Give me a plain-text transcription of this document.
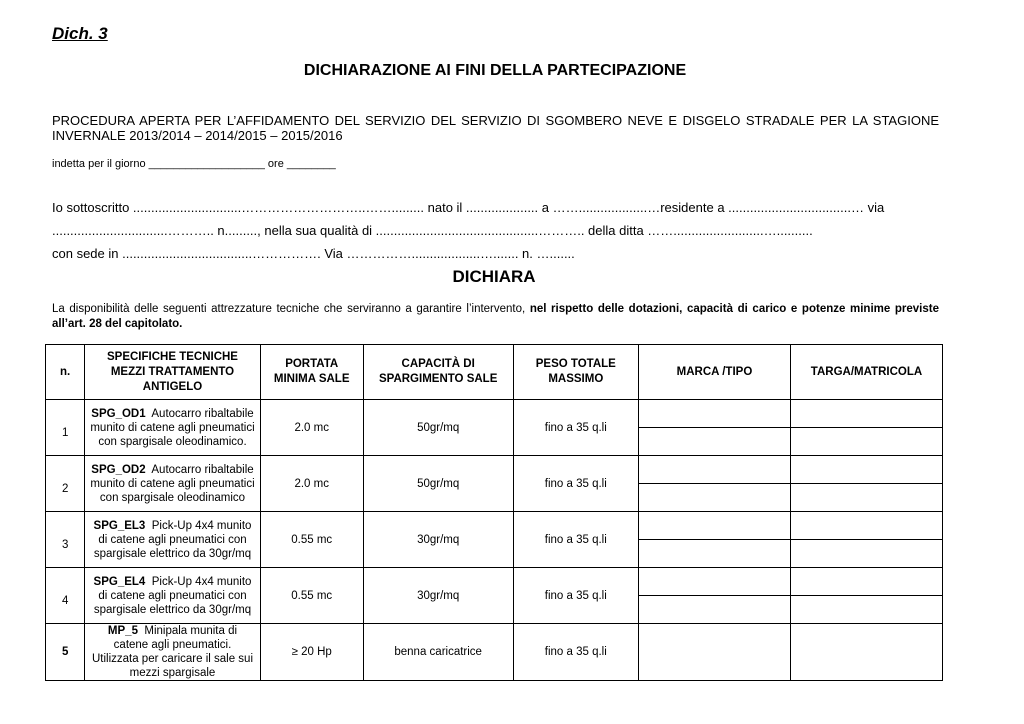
Dich. 3
DICHIARAZIONE AI FINI DELLA PARTECIPAZIONE
PROCEDURA APERTA PER L’AFFIDAMENTO DEL SERVIZIO DEL SERVIZIO DI SGOMBERO NEVE E DISGELO STRADALE PER LA STAGIONE INVERNALE 2013/2014 – 2014/2015 – 2015/2016
indetta per il giorno ___________________ ore ________
Io sottoscritto ..............................………………………..……......... nato il .................... a ……...................…residente a ..................................… via
................................……….. n........., nella sua qualità di .............................................……….. della ditta …….........................…..........
con sede in ....................................……………. Via ……………...................…....... n. ….......
DICHIARA
La disponibilità delle seguenti attrezzature tecniche che serviranno a garantire l’intervento, nel rispetto delle dotazioni, capacità di carico e potenze minime previste all’art. 28 del capitolato.
n.	SPECIFICHE TECNICHE MEZZI TRATTAMENTO ANTIGELO	PORTATA MINIMA SALE	CAPACITÀ DI SPARGIMENTO SALE	PESO TOTALE MASSIMO	MARCA /TIPO	TARGA/MATRICOLA
1	SPG_OD1 Autocarro ribaltabile munito di catene agli pneumatici con spargisale oleodinamico.	2.0 mc	50gr/mq	fino a 35 q.li		

2	SPG_OD2 Autocarro ribaltabile munito di catene agli pneumatici con spargisale oleodinamico	2.0 mc	50gr/mq	fino a 35 q.li		

3	SPG_EL3 Pick-Up 4x4 munito di catene agli pneumatici con spargisale elettrico da 30gr/mq	0.55 mc	30gr/mq	fino a 35 q.li		

4	SPG_EL4 Pick-Up 4x4 munito di catene agli pneumatici con spargisale elettrico da 30gr/mq	0.55 mc	30gr/mq	fino a 35 q.li		

5	MP_5 Minipala munita di catene agli pneumatici. Utilizzata per caricare il sale sui mezzi spargisale	≥ 20 Hp	benna caricatrice	fino a 35 q.li		
